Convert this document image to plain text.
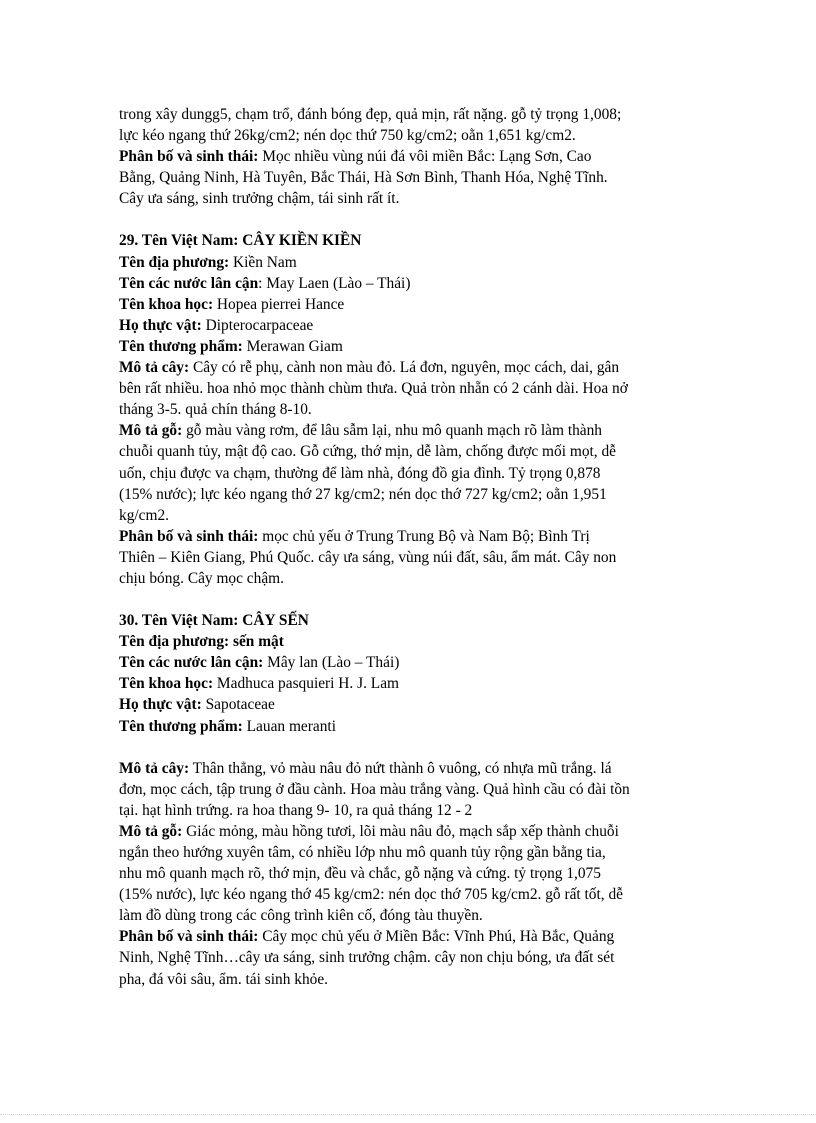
trong xây dungg5, chạm trổ, đánh bóng đẹp, quả mịn, rất nặng. gỗ tỷ trọng 1,008;

lực kéo ngang thứ 26kg/cm2; nén dọc thứ 750 kg/cm2; oằn 1,651 kg/cm2.

Phân bố và sinh thái: Mọc nhiều vùng núi đá vôi miền Bắc: Lạng Sơn, Cao

Bằng, Quảng Ninh, Hà Tuyên, Bắc Thái, Hà Sơn Bình, Thanh Hóa, Nghệ Tĩnh.

Cây ưa sáng, sinh trưởng chậm, tái sinh rất ít.

29. Tên Việt Nam: CÂY KIỀN KIỀN

Tên địa phương: Kiền Nam

Tên các nước lân cận: May Laen (Lào – Thái)

Tên khoa học: Hopea pierrei Hance

Họ thực vật: Dipterocarpaceae

Tên thương phẩm: Merawan Giam

Mô tả cây: Cây có rễ phụ, cành non màu đỏ. Lá đơn, nguyên, mọc cách, dai, gân

bên rất nhiều. hoa nhỏ mọc thành chùm thưa. Quả tròn nhẵn có 2 cánh dài. Hoa nở

tháng 3-5. quả chín tháng 8-10.

Mô tả gỗ: gỗ màu vàng rơm, để lâu sẫm lại, nhu mô quanh mạch rõ làm thành

chuỗi quanh tủy, mật độ cao. Gỗ cứng, thớ mịn, dễ làm, chống được mối mọt, dễ

uốn, chịu được va chạm, thường để làm nhà, đóng đồ gia đình. Tỷ trọng 0,878

(15% nước); lực kéo ngang thớ 27 kg/cm2; nén dọc thớ 727 kg/cm2; oằn 1,951

kg/cm2.

Phân bố và sinh thái: mọc chủ yếu ở Trung Trung Bộ và Nam Bộ; Bình Trị

Thiên – Kiên Giang, Phú Quốc. cây ưa sáng, vùng núi đất, sâu, ẩm mát. Cây non

chịu bóng. Cây mọc chậm.

30. Tên Việt Nam: CÂY SẾN

Tên địa phương: sến mật

Tên các nước lân cận: Mây lan (Lào – Thái)

Tên khoa học: Madhuca pasquieri H. J. Lam

Họ thực vật: Sapotaceae

Tên thương phẩm: Lauan meranti

Mô tả cây: Thân thẳng, vỏ màu nâu đỏ nứt thành ô vuông, có nhựa mũ trắng. lá

đơn, mọc cách, tập trung ở đầu cành. Hoa màu trắng vàng. Quả hình cầu có đài tồn

tại. hạt hình trứng. ra hoa thang 9- 10, ra quả tháng 12 - 2

Mô tả gỗ: Giác mỏng, màu hồng tươi, lõi màu nâu đỏ, mạch sắp xếp thành chuỗi

ngắn theo hướng xuyên tâm, có nhiều lớp nhu mô quanh tủy rộng gần bằng tia,

nhu mô quanh mạch rõ, thớ mịn, đều và chắc, gỗ nặng và cứng. tỷ trọng 1,075

(15% nước), lực kéo ngang thớ 45 kg/cm2: nén dọc thớ 705 kg/cm2. gỗ rất tốt, dễ

làm đồ dùng trong các công trình kiên cố, đóng tàu thuyền.

Phân bố và sinh thái: Cây mọc chủ yếu ở Miền Bắc: Vĩnh Phú, Hà Bắc, Quảng

Ninh, Nghệ Tĩnh…cây ưa sáng, sinh trưởng chậm. cây non chịu bóng, ưa đất sét

pha, đá vôi sâu, ẩm. tái sinh khỏe.
